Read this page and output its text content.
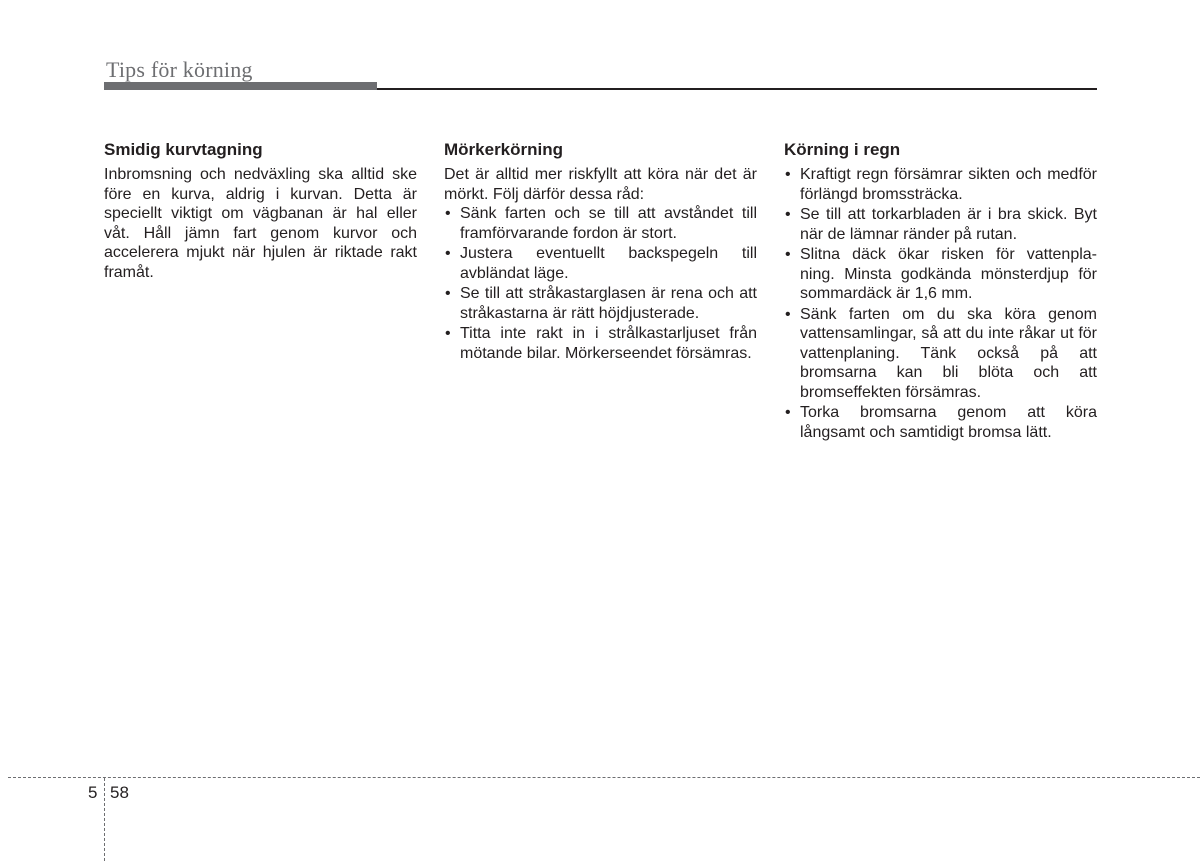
Tips för körning
Smidig kurvtagning

Inbromsning och nedväxling ska alltid ske före en kurva, aldrig i kurvan. Detta är speciellt viktigt om vägbanan är hal eller våt. Håll jämn fart genom kurvor och accelerera mjukt när hjulen är riktade rakt framåt.

Mörkerkörning

Det är alltid mer riskfyllt att köra när det är mörkt. Följ därför dessa råd:

• Sänk farten och se till att avståndet till framförvarande fordon är stort.
• Justera eventuellt backspegeln till avbländat läge.
• Se till att stråkastarglasen är rena och att stråkastarna är rätt höjdjusterade.
• Titta inte rakt in i strålkastarljuset från mötande bilar. Mörkerseendet försämras.
Körning i regn
• Kraftigt regn försämrar sikten och medför förlängd bromssträcka.
• Se till att torkarbladen är i bra skick. Byt när de lämnar ränder på rutan.
• Slitna däck ökar risken för vattenpla- ning. Minsta godkända mönsterdjup för sommardäck är 1,6 mm.
• Sänk farten om du ska köra genom vattensamlingar, så att du inte råkar ut för vattenplaning. Tänk också på att bromsarna kan bli blöta och att bromseffekten försämras.
• Torka bromsarna genom att köra långsamt och samtidigt bromsa lätt.
5 58
